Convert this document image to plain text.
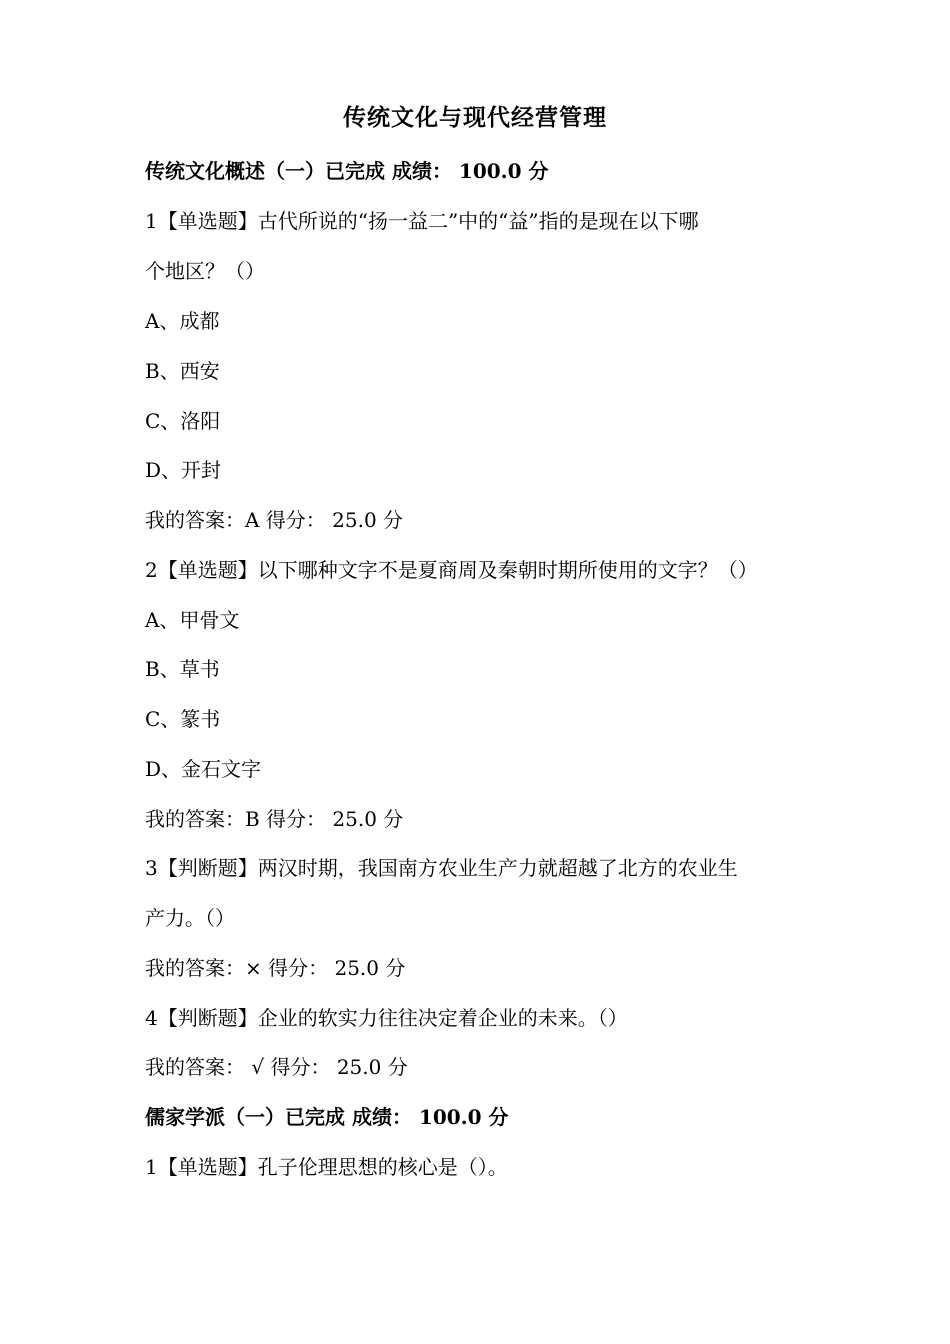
传统文化与现代经营管理
传统文化概述（一）已完成 成绩： 100.0 分
1【单选题】古代所说的“扬一益二”中的“益”指的是现在以下哪
个地区？（）
A、成都
B、西安
C、洛阳
D、开封
我的答案：A 得分： 25.0 分
2【单选题】以下哪种文字不是夏商周及秦朝时期所使用的文字？（）
A、甲骨文
B、草书
C、篆书
D、金石文字
我的答案：B 得分： 25.0 分
3【判断题】两汉时期，我国南方农业生产力就超越了北方的农业生
产力。（）
我的答案：× 得分： 25.0 分
4【判断题】企业的软实力往往决定着企业的未来。（）
我的答案： √ 得分： 25.0 分
儒家学派（一）已完成 成绩： 100.0 分
1【单选题】孔子伦理思想的核心是（）。
